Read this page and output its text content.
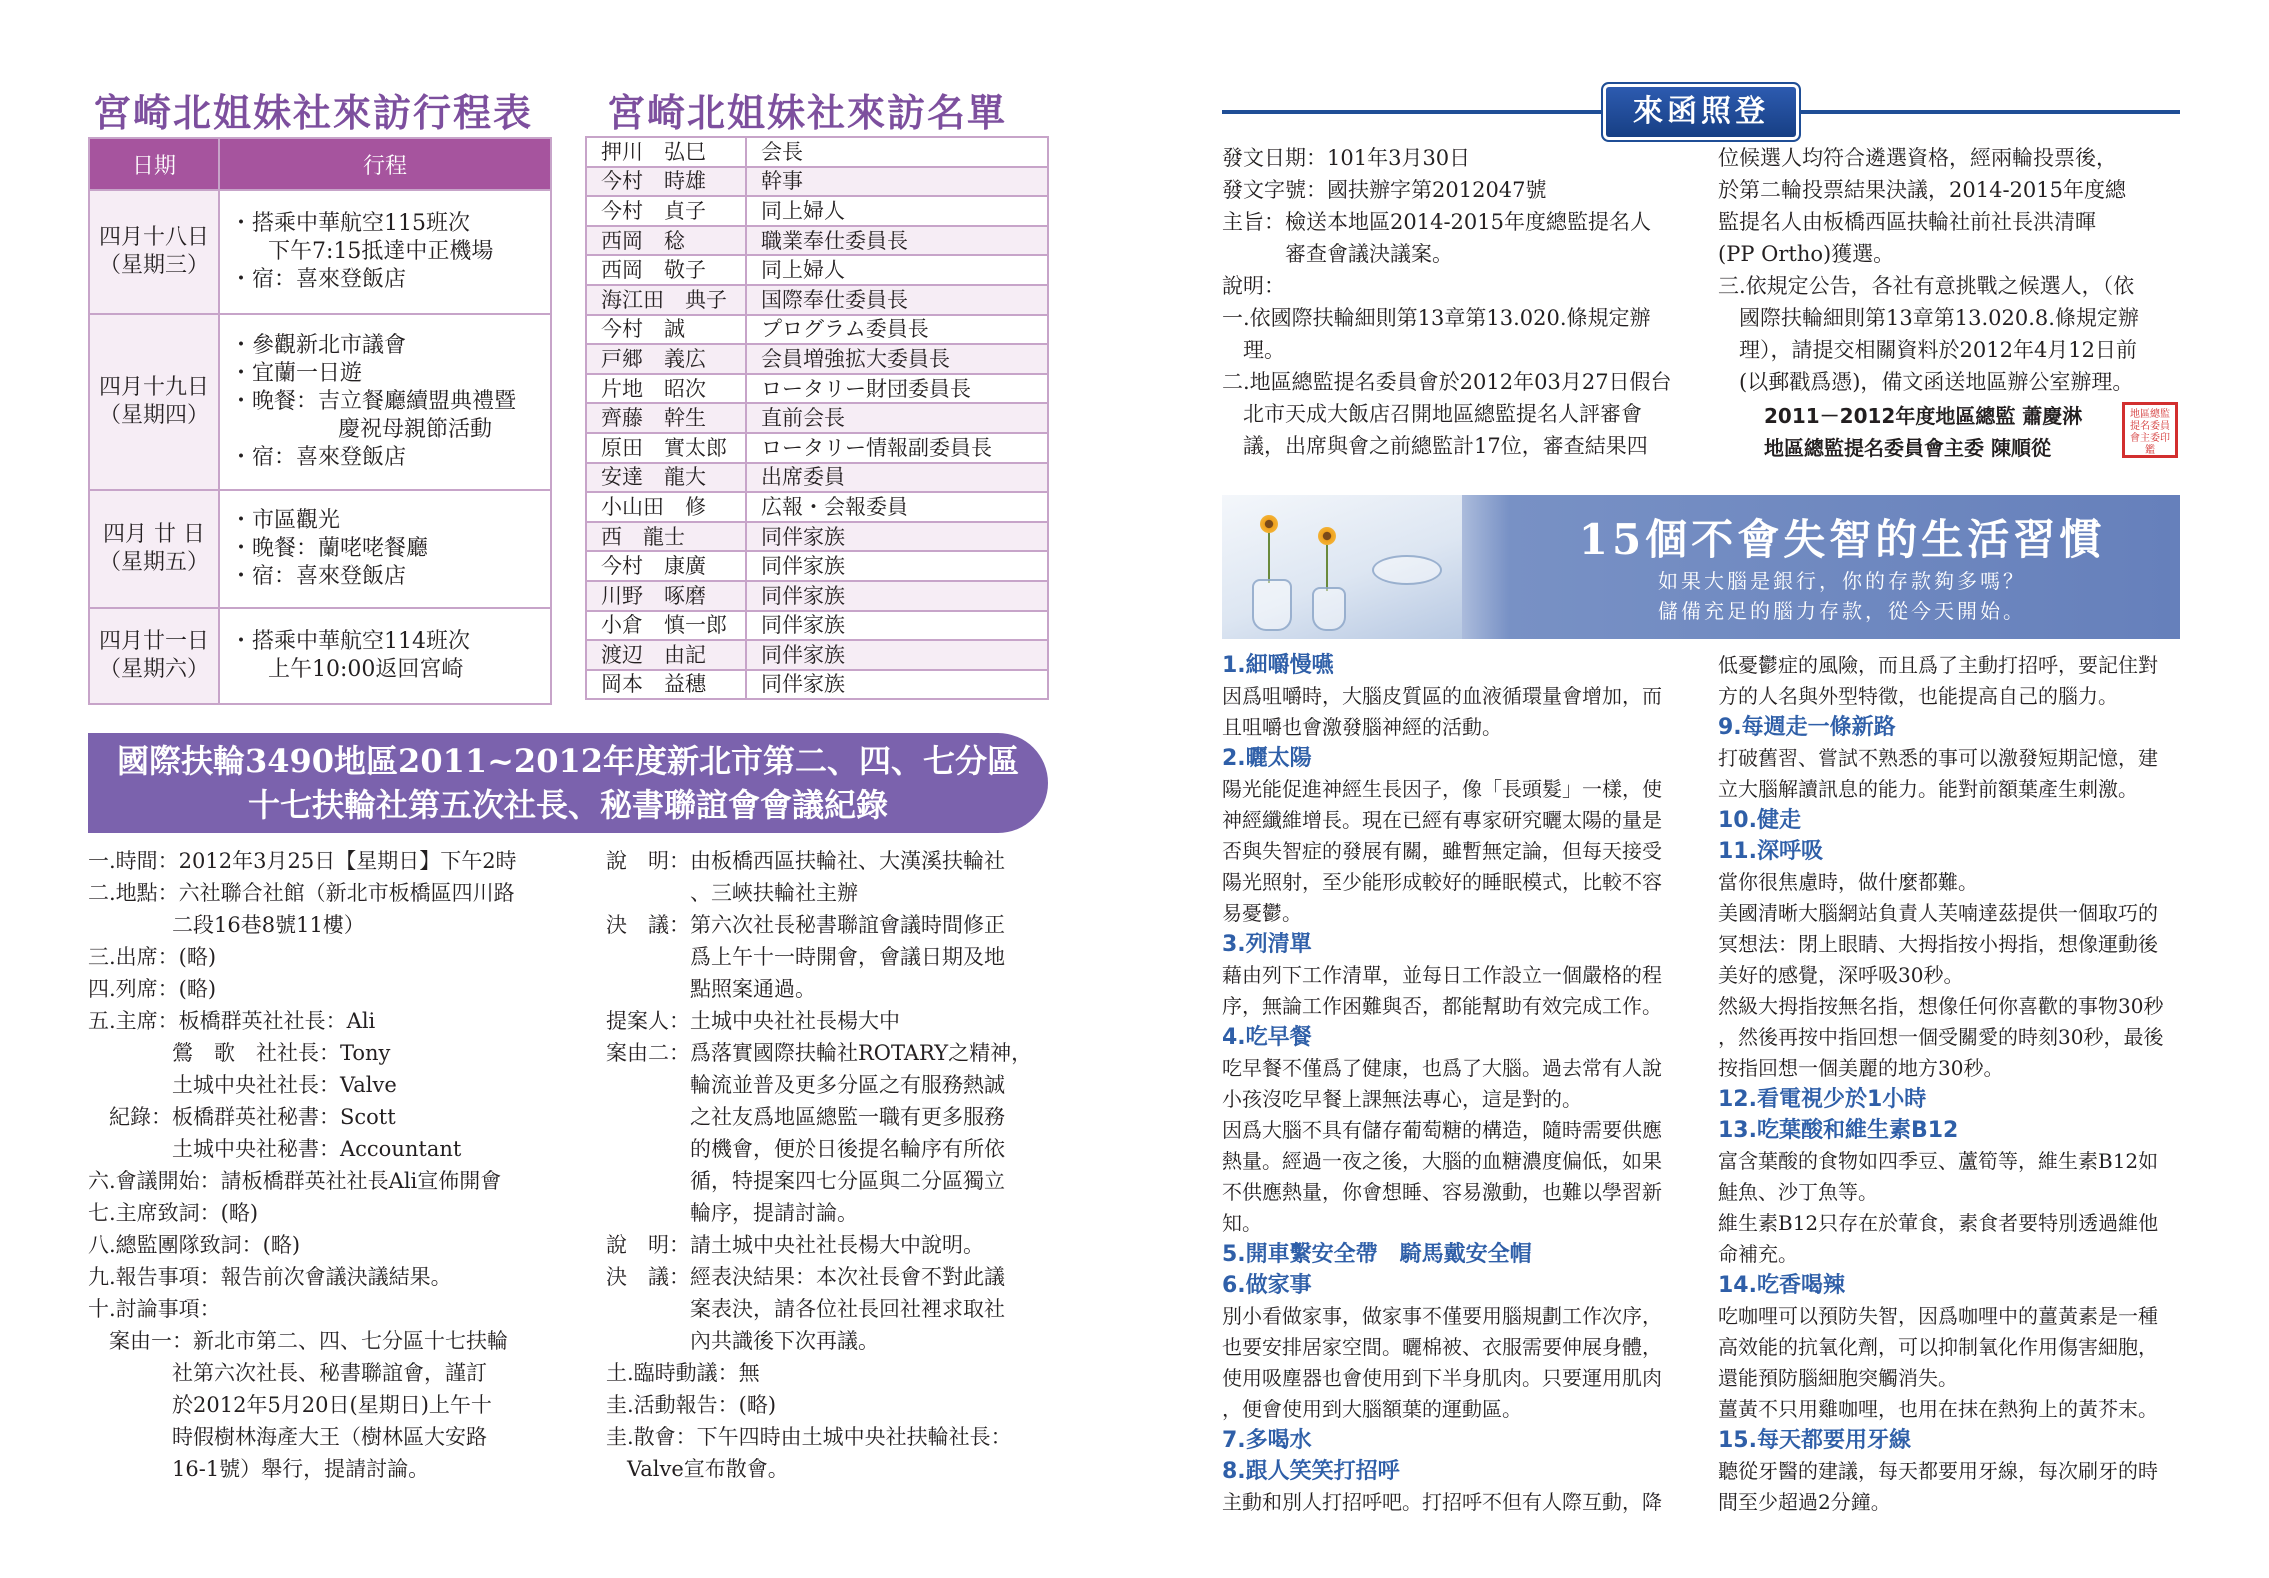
宮崎北姐妹社來訪行程表
日期	行程

四月十八日
（星期三）	・搭乘中華航空115班次
下午7:15抵達中正機場
・宿：喜來登飯店

四月十九日
（星期四）	・參觀新北市議會
・宜蘭一日遊
・晚餐：吉立餐廳續盟典禮暨
慶祝母親節活動
・宿：喜來登飯店

四月 廿 日
（星期五）	・市區觀光
・晚餐：蘭咾咾餐廳
・宿：喜來登飯店

四月廿一日
（星期六）	・搭乘中華航空114班次
上午10:00返回宮崎
宮崎北姐妹社來訪名單
押川　弘巳	会長
今村　時雄	幹事
今村　貞子	同上婦人
西岡　稔	職業奉仕委員長
西岡　敬子	同上婦人
海江田　典子	国際奉仕委員長
今村　誠	プログラム委員長
戸郷　義広	会員増強拡大委員長
片地　昭次	ロータリー財団委員長
齊藤　幹生	直前会長
原田　實太郎	ロータリー情報副委員長
安達　龍大	出席委員
小山田　修	広報・会報委員
西　龍士	同伴家族
今村　康廣	同伴家族
川野　啄磨	同伴家族
小倉　慎一郎	同伴家族
渡辺　由記	同伴家族
岡本　益穗	同伴家族
國際扶輪3490地區2011~2012年度新北市第二、四、七分區
十七扶輪社第五次社長、秘書聯誼會會議紀錄
一.時間：2012年3月25日【星期日】下午2時
二.地點：六社聯合社館（新北市板橋區四川路
　　　　二段16巷8號11樓）
三.出席：(略)
四.列席：(略)
五.主席：板橋群英社社長：Ali
　　　　鶯　歌　社社長：Tony
　　　　土城中央社社長：Valve
　紀錄：板橋群英社秘書：Scott
　　　　土城中央社秘書：Accountant
六.會議開始：請板橋群英社社長Ali宣佈開會
七.主席致詞：(略)
八.總監團隊致詞：(略)
九.報告事項：報告前次會議決議結果。
十.討論事項：
　案由一：新北市第二、四、七分區十七扶輪
　　　　社第六次社長、秘書聯誼會，謹訂
　　　　於2012年5月20日(星期日)上午十
　　　　時假樹林海產大王（樹林區大安路
　　　　16-1號）舉行，提請討論。
說　明：由板橋西區扶輪社、大漢溪扶輪社
　　　　、三峽扶輪社主辦
決　議：第六次社長秘書聯誼會議時間修正
　　　　爲上午十一時開會，會議日期及地
　　　　點照案通過。
提案人：土城中央社社長楊大中
案由二：爲落實國際扶輪社ROTARY之精神，
　　　　輪流並普及更多分區之有服務熱誠
　　　　之社友爲地區總監一職有更多服務
　　　　的機會，便於日後提名輪序有所依
　　　　循，特提案四七分區與二分區獨立
　　　　輪序，提請討論。
說　明：請土城中央社社長楊大中說明。
決　議：經表決結果：本次社長會不對此議
　　　　案表決，請各位社長回社裡求取社
　　　　內共識後下次再議。
土.臨時動議：無
圭.活動報告：(略)
圭.散會：下午四時由土城中央社扶輪社長：
　Valve宣布散會。
來函照登
發文日期：101年3月30日
發文字號：國扶辦字第2012047號
主旨：檢送本地區2014-2015年度總監提名人
　　　審查會議決議案。
說明：
一.依國際扶輪細則第13章第13.020.條規定辦
　理。
二.地區總監提名委員會於2012年03月27日假台
　北市天成大飯店召開地區總監提名人評審會
　議，出席與會之前總監計17位，審查結果四
位候選人均符合遴選資格，經兩輪投票後，
於第二輪投票結果決議，2014-2015年度總
監提名人由板橋西區扶輪社前社長洪清暉
(PP Ortho)獲選。
三.依規定公告，各社有意挑戰之候選人，（依
　國際扶輪細則第13章第13.020.8.條規定辦
　理），請提交相關資料於2012年4月12日前
　(以郵戳爲憑)，備文函送地區辦公室辦理。
2011－2012年度地區總監 蕭慶淋
地區總監提名委員會主委 陳順從
地區總監提名委員會主委印鑑
15個不會失智的生活習慣
如果大腦是銀行，你的存款夠多嗎？
儲備充足的腦力存款，從今天開始。
1.細嚼慢嚥
因爲咀嚼時，大腦皮質區的血液循環量會增加，而
且咀嚼也會激發腦神經的活動。
2.曬太陽
陽光能促進神經生長因子，像「長頭髮」一樣，使
神經纖維增長。現在已經有專家研究曬太陽的量是
否與失智症的發展有關，雖暫無定論，但每天接受
陽光照射，至少能形成較好的睡眠模式，比較不容
易憂鬱。
3.列清單
藉由列下工作清單，並每日工作設立一個嚴格的程
序，無論工作困難與否，都能幫助有效完成工作。
4.吃早餐
吃早餐不僅爲了健康，也爲了大腦。過去常有人說
小孩沒吃早餐上課無法專心，這是對的。
因爲大腦不具有儲存葡萄糖的構造，隨時需要供應
熱量。經過一夜之後，大腦的血糖濃度偏低，如果
不供應熱量，你會想睡、容易激動，也難以學習新
知。
5.開車繫安全帶　騎馬戴安全帽
6.做家事
別小看做家事，做家事不僅要用腦規劃工作次序，
也要安排居家空間。曬棉被、衣服需要伸展身體，
使用吸塵器也會使用到下半身肌肉。只要運用肌肉
，便會使用到大腦額葉的運動區。
7.多喝水
8.跟人笑笑打招呼
主動和別人打招呼吧。打招呼不但有人際互動，降
低憂鬱症的風險，而且爲了主動打招呼，要記住對
方的人名與外型特徵，也能提高自己的腦力。
9.每週走一條新路
打破舊習、嘗試不熟悉的事可以激發短期記憶，建
立大腦解讀訊息的能力。能對前額葉產生刺激。
10.健走
11.深呼吸
當你很焦慮時，做什麼都難。
美國清晰大腦網站負責人芙喃達茲提供一個取巧的
冥想法：閉上眼睛、大拇指按小拇指，想像運動後
美好的感覺，深呼吸30秒。
然級大拇指按無名指，想像任何你喜歡的事物30秒
，然後再按中指回想一個受關愛的時刻30秒，最後
按指回想一個美麗的地方30秒。
12.看電視少於1小時
13.吃葉酸和維生素B12
富含葉酸的食物如四季豆、蘆筍等，維生素B12如
鮭魚、沙丁魚等。
維生素B12只存在於葷食，素食者要特別透過維他
命補充。
14.吃香喝辣
吃咖哩可以預防失智，因爲咖哩中的薑黃素是一種
高效能的抗氧化劑，可以抑制氧化作用傷害細胞，
還能預防腦細胞突觸消失。
薑黃不只用雞咖哩，也用在抹在熱狗上的黃芥末。
15.每天都要用牙線
聽從牙醫的建議，每天都要用牙線，每次刷牙的時
間至少超過2分鐘。
